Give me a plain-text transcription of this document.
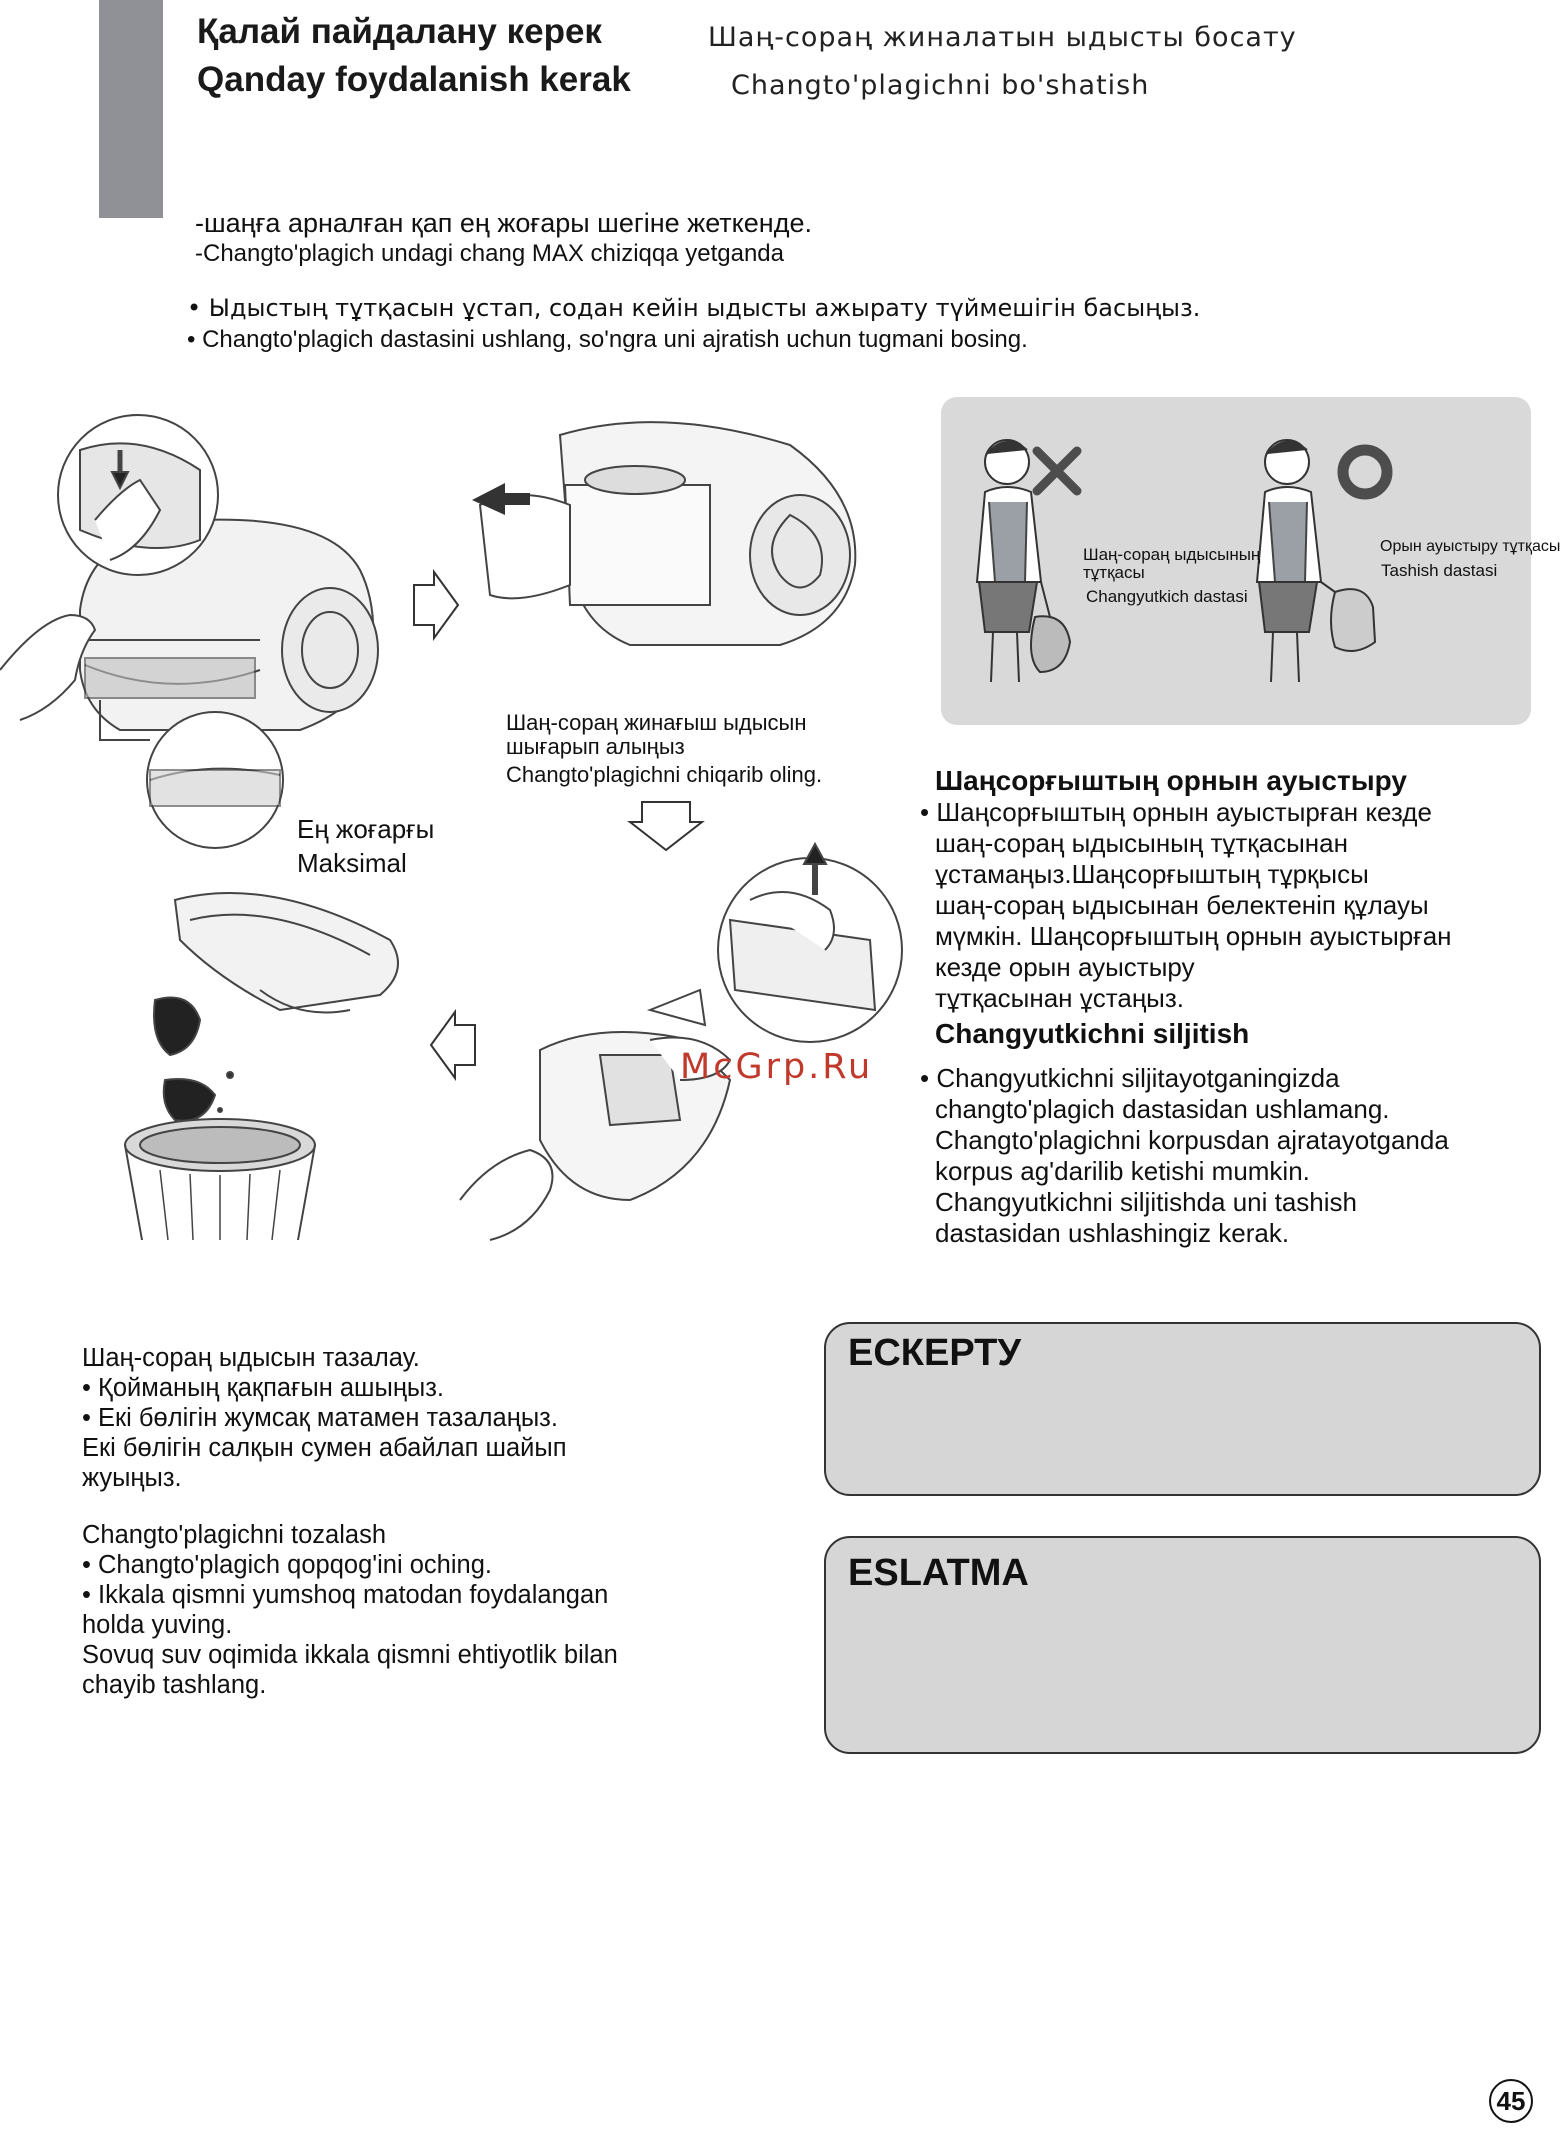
Қалай пайдалану керек	Шаң-сораң жиналатын ыдысты босату
Qanday foydalanish kerak	Changto'plagichni bo'shatish
-шаңға арналған қап ең жоғары шегіне жеткенде.
-Changto'plagich undagi chang MAX chiziqqa yetganda
• Ыдыстың тұтқасын ұстап, содан кейін ыдысты ажырату түймешігін басыңыз.
• Changto'plagich dastasini ushlang, so'ngra uni ajratish uchun tugmani bosing.
Шаң-сораң жинағыш ыдысын
шығарып алыңыз
Changto'plagichni chiqarib oling.
Ең жоғарғы
Maksimal
McGrp.Ru
Шаң-сораң ыдысының
тұтқасы
Changyutkich dastasi
Орын ауыстыру тұтқасы
Tashish dastasi
Шаңсорғыштың орнын ауыстыру
• Шаңсорғыштың орнын ауыстырған кезде
шаң-сораң ыдысының тұтқасынан
ұстамаңыз.Шаңсорғыштың тұрқысы
шаң-сораң ыдысынан белектенiп құлауы
мүмкiн. Шаңсорғыштың орнын ауыстырған
кезде орын ауыстыру
тұтқасынан ұстаңыз.
Changyutkichni siljitish
• Changyutkichni siljitayotganingizda
changto'plagich dastasidan ushlamang.
Changto'plagichni korpusdan ajratayotganda
korpus ag'darilib ketishi mumkin.
Changyutkichni siljitishda uni tashish
dastasidan ushlashingiz kerak.
Шаң-сораң ыдысын тазалау.
• Қойманың қақпағын ашыңыз.
• Екі бөлігін жумсақ матамен тазалаңыз.
Екі бөлігін салқын сумен абайлап шайып
жуыңыз.
Changto'plagichni tozalash
• Changto'plagich qopqog'ini oching.
• Ikkala qismni yumshoq matodan foydalangan
holda yuving.
Sovuq suv oqimida ikkala qismni ehtiyotlik bilan
chayib tashlang.
ЕСКЕРТУ
ESLATMA
45
